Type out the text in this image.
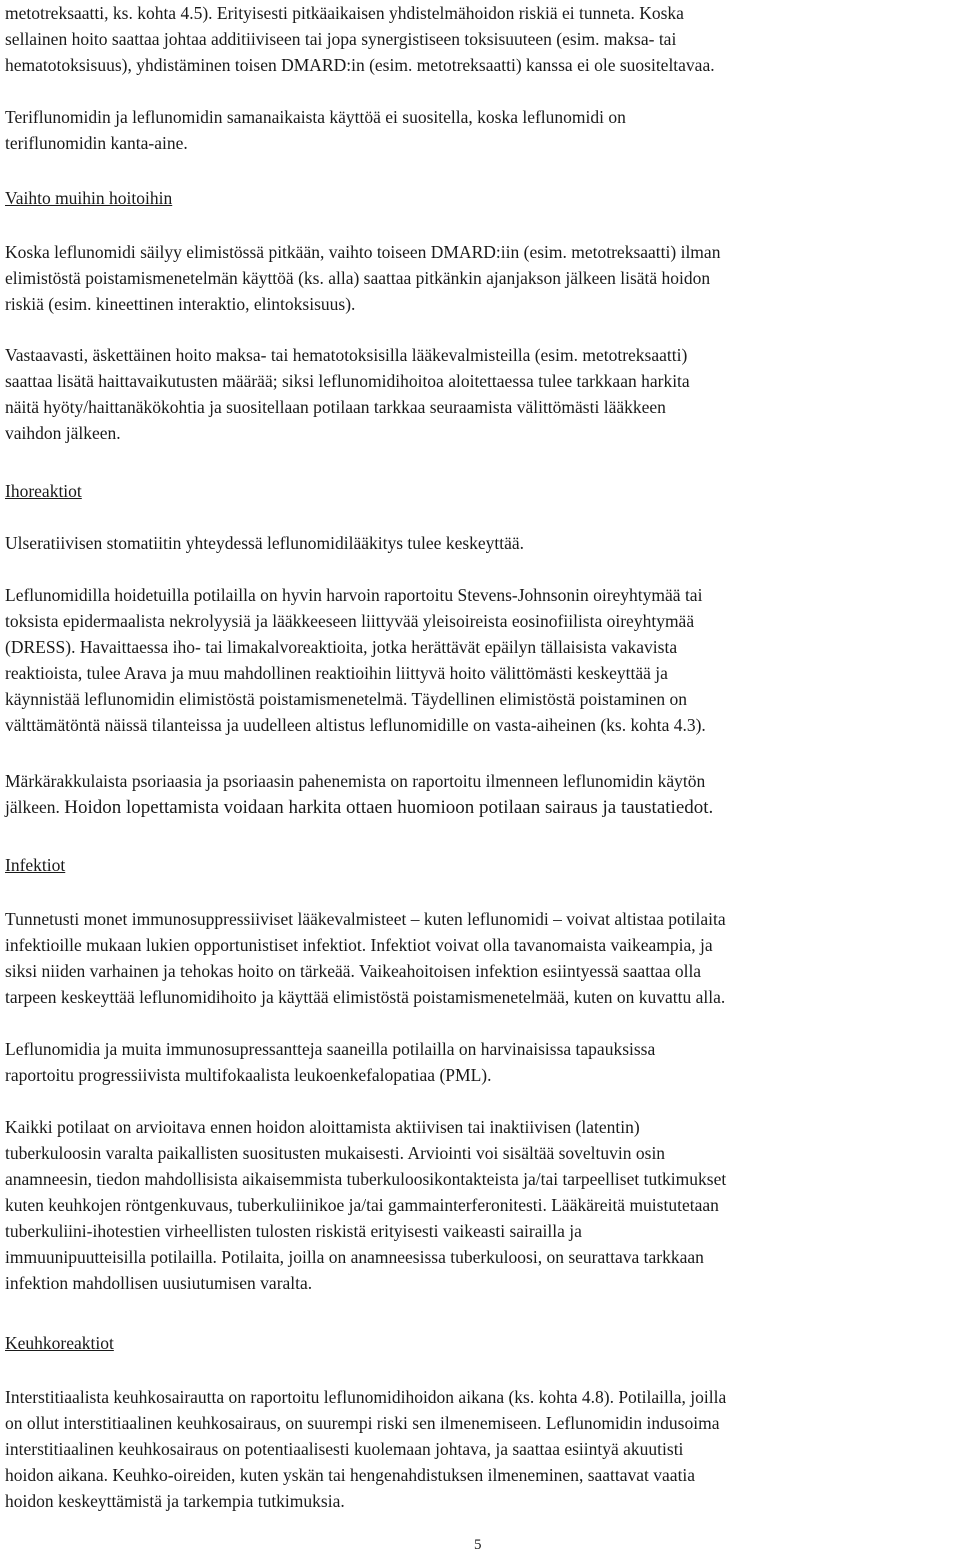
metotreksaatti, ks. kohta 4.5). Erityisesti pitkäaikaisen yhdistelmähoidon riskiä ei tunneta. Koska
sellainen hoito saattaa johtaa additiiviseen tai jopa synergistiseen toksisuuteen (esim. maksa- tai
hematotoksisuus), yhdistäminen toisen DMARD:in (esim. metotreksaatti) kanssa ei ole suositeltavaa.
Teriflunomidin ja leflunomidin samanaikaista käyttöä ei suositella, koska leflunomidi on
teriflunomidin kanta-aine.
Vaihto muihin hoitoihin
Koska leflunomidi säilyy elimistössä pitkään, vaihto toiseen DMARD:iin (esim. metotreksaatti) ilman
elimistöstä poistamismenetelmän käyttöä (ks. alla) saattaa pitkänkin ajanjakson jälkeen lisätä hoidon
riskiä (esim. kineettinen interaktio, elintoksisuus).
Vastaavasti, äskettäinen hoito maksa- tai hematotoksisilla lääkevalmisteilla (esim. metotreksaatti)
saattaa lisätä haittavaikutusten määrää; siksi leflunomidihoitoa aloitettaessa tulee tarkkaan harkita
näitä hyöty/haittanäkökohtia ja suositellaan potilaan tarkkaa seuraamista välittömästi lääkkeen
vaihdon jälkeen.
Ihoreaktiot
Ulseratiivisen stomatiitin yhteydessä leflunomidilääkitys tulee keskeyttää.
Leflunomidilla hoidetuilla potilailla on hyvin harvoin raportoitu Stevens-Johnsonin oireyhtymää tai
toksista epidermaalista nekrolyysiä ja lääkkeeseen liittyvää yleisoireista eosinofiilista oireyhtymää
(DRESS). Havaittaessa iho- tai limakalvoreaktioita, jotka herättävät epäilyn tällaisista vakavista
reaktioista, tulee Arava ja muu mahdollinen reaktioihin liittyvä hoito välittömästi keskeyttää ja
käynnistää leflunomidin elimistöstä poistamismenetelmä. Täydellinen elimistöstä poistaminen on
välttämätöntä näissä tilanteissa ja uudelleen altistus leflunomidille on vasta-aiheinen (ks. kohta 4.3).
Märkärakkulaista psoriaasia ja psoriaasin pahenemista on raportoitu ilmenneen leflunomidin käytön
jälkeen. Hoidon lopettamista voidaan harkita ottaen huomioon potilaan sairaus ja taustatiedot.
Infektiot
Tunnetusti monet immunosuppressiiviset lääkevalmisteet – kuten leflunomidi – voivat altistaa potilaita
infektioille mukaan lukien opportunistiset infektiot. Infektiot voivat olla tavanomaista vaikeampia, ja
siksi niiden varhainen ja tehokas hoito on tärkeää. Vaikeahoitoisen infektion esiintyessä saattaa olla
tarpeen keskeyttää leflunomidihoito ja käyttää elimistöstä poistamismenetelmää, kuten on kuvattu alla.
Leflunomidia ja muita immunosupressantteja saaneilla potilailla on harvinaisissa tapauksissa
raportoitu progressiivista multifokaalista leukoenkefalopatiaa (PML).
Kaikki potilaat on arvioitava ennen hoidon aloittamista aktiivisen tai inaktiivisen (latentin)
tuberkuloosin varalta paikallisten suositusten mukaisesti. Arviointi voi sisältää soveltuvin osin
anamneesin, tiedon mahdollisista aikaisemmista tuberkuloosikontakteista ja/tai tarpeelliset tutkimukset
kuten keuhkojen röntgenkuvaus, tuberkuliinikoe ja/tai gammainterferonitesti. Lääkäreitä muistutetaan
tuberkuliini-ihotestien virheellisten tulosten riskistä erityisesti vaikeasti sairailla ja
immuunipuutteisilla potilailla. Potilaita, joilla on anamneesissa tuberkuloosi, on seurattava tarkkaan
infektion mahdollisen uusiutumisen varalta.
Keuhkoreaktiot
Interstitiaalista keuhkosairautta on raportoitu leflunomidihoidon aikana (ks. kohta 4.8). Potilailla, joilla
on ollut interstitiaalinen keuhkosairaus, on suurempi riski sen ilmenemiseen. Leflunomidin indusoima
interstitiaalinen keuhkosairaus on potentiaalisesti kuolemaan johtava, ja saattaa esiintyä akuutisti
hoidon aikana. Keuhko-oireiden, kuten yskän tai hengenahdistuksen ilmeneminen, saattavat vaatia
hoidon keskeyttämistä ja tarkempia tutkimuksia.
5
